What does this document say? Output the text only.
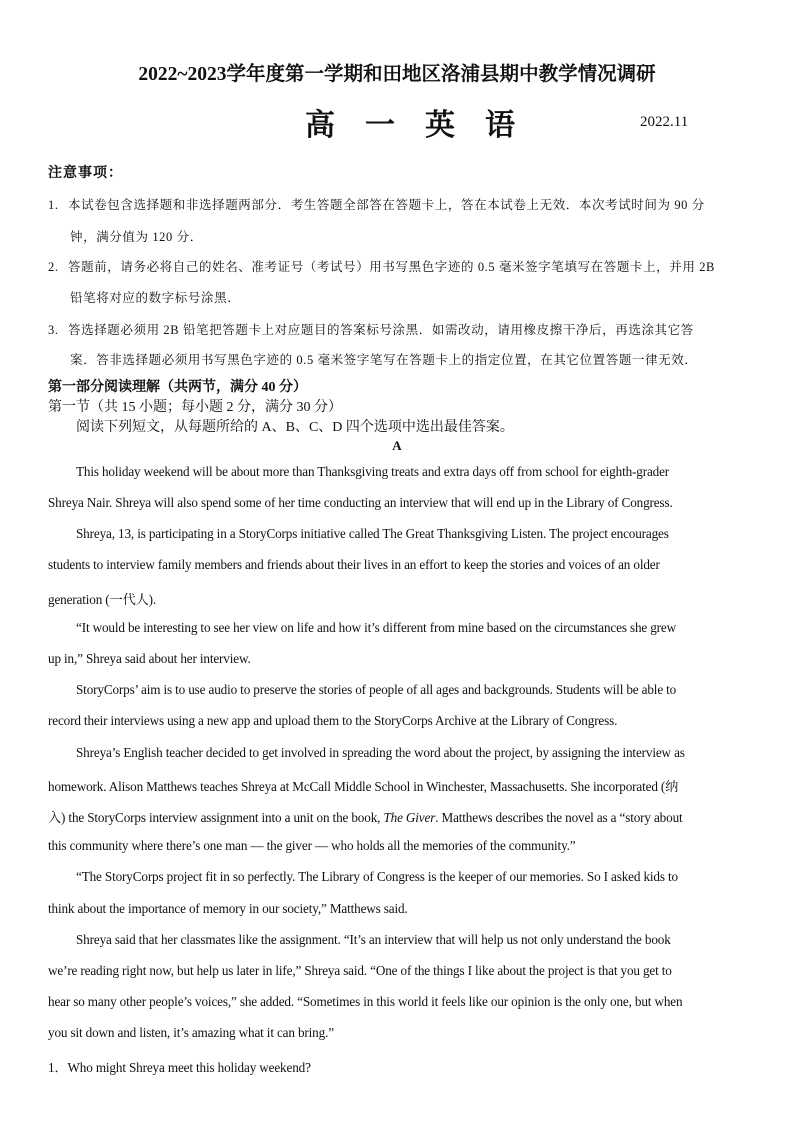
2022~2023学年度第一学期和田地区洛浦县期中教学情况调研
高一英语	2022.11
注意事项：
1. 本试卷包含选择题和非选择题两部分．考生答题全部答在答题卡上，答在本试卷上无效．本次考试时间为 90 分
钟，满分值为 120 分．
2. 答题前，请务必将自己的姓名、准考证号（考试号）用书写黑色字迹的 0.5 毫米签字笔填写在答题卡上，并用 2B
铅笔将对应的数字标号涂黑．
3. 答选择题必须用 2B 铅笔把答题卡上对应题目的答案标号涂黑．如需改动，请用橡皮擦干净后，再选涂其它答
案．答非选择题必须用书写黑色字迹的 0.5 毫米签字笔写在答题卡上的指定位置，在其它位置答题一律无效．
第一部分阅读理解（共两节，满分 40 分）
第一节（共 15 小题；每小题 2 分，满分 30 分）
阅读下列短文，从每题所给的 A、B、C、D 四个选项中选出最佳答案。
A
This holiday weekend will be about more than Thanksgiving treats and extra days off from school for eighth-grader
Shreya Nair. Shreya will also spend some of her time conducting an interview that will end up in the Library of Congress.
Shreya, 13, is participating in a StoryCorps initiative called The Great Thanksgiving Listen. The project encourages
students to interview family members and friends about their lives in an effort to keep the stories and voices of an older
generation (一代人).
“It would be interesting to see her view on life and how it’s different from mine based on the circumstances she grew
up in,” Shreya said about her interview.
StoryCorps’ aim is to use audio to preserve the stories of people of all ages and backgrounds. Students will be able to
record their interviews using a new app and upload them to the StoryCorps Archive at the Library of Congress.
Shreya’s English teacher decided to get involved in spreading the word about the project, by assigning the interview as
homework. Alison Matthews teaches Shreya at McCall Middle School in Winchester, Massachusetts. She incorporated (纳
入) the StoryCorps interview assignment into a unit on the book, The Giver. Matthews describes the novel as a “story about
this community where there’s one man — the giver — who holds all the memories of the community.”
“The StoryCorps project fit in so perfectly. The Library of Congress is the keeper of our memories. So I asked kids to
think about the importance of memory in our society,” Matthews said.
Shreya said that her classmates like the assignment. “It’s an interview that will help us not only understand the book
we’re reading right now, but help us later in life,” Shreya said. “One of the things I like about the project is that you get to
hear so many other people’s voices,” she added. “Sometimes in this world it feels like our opinion is the only one, but when
you sit down and listen, it’s amazing what it can bring.”
1．Who might Shreya meet this holiday weekend?
